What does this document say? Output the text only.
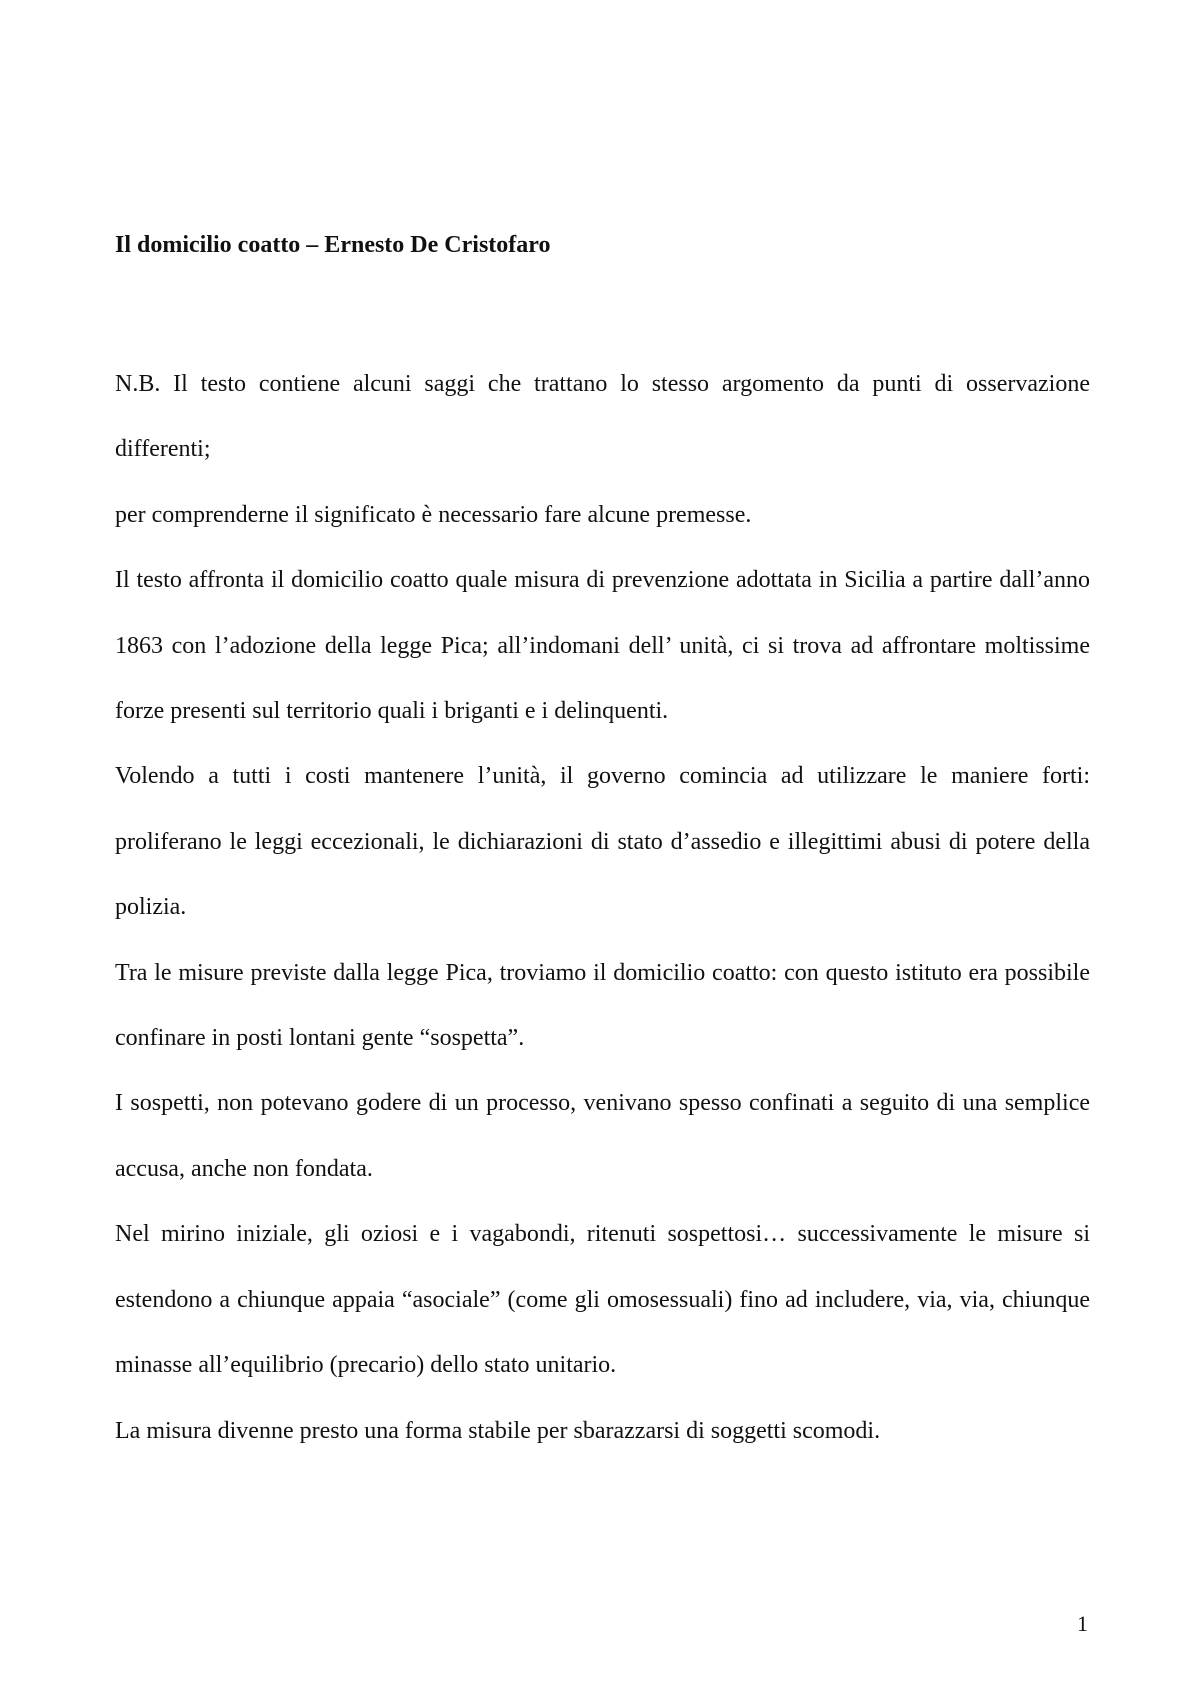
Il domicilio coatto – Ernesto De Cristofaro

N.B. Il testo contiene alcuni saggi che trattano lo stesso argomento da punti di osservazione differenti;

per comprenderne il significato è necessario fare alcune premesse.

Il testo affronta il domicilio coatto quale misura di prevenzione adottata in Sicilia a partire dall’anno 1863 con l’adozione della legge Pica; all’indomani dell’ unità, ci si trova ad affrontare moltissime forze presenti sul territorio quali i briganti e i delinquenti.

Volendo a tutti i costi mantenere l’unità, il governo comincia ad utilizzare le maniere forti: proliferano le leggi eccezionali, le dichiarazioni di stato d’assedio e illegittimi abusi di potere della polizia.

Tra le misure previste dalla legge Pica, troviamo il domicilio coatto: con questo istituto era possibile confinare in posti lontani gente “sospetta”.

I sospetti, non potevano godere di un processo, venivano spesso confinati a seguito di una semplice accusa, anche non fondata.

Nel mirino iniziale, gli oziosi e i vagabondi, ritenuti sospettosi… successivamente le misure si estendono a chiunque appaia “asociale” (come gli omosessuali) fino ad includere, via, via, chiunque minasse all’equilibrio (precario) dello stato unitario.

La misura divenne presto una forma stabile per sbarazzarsi di soggetti scomodi.

1
